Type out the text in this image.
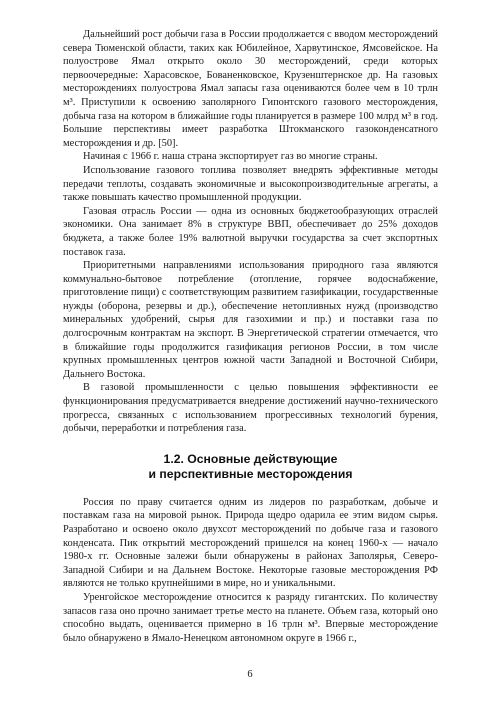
Дальнейший рост добычи газа в России продолжается с вводом месторождений севера Тюменской области, таких как Юбилейное, Харвутинское, Ямсовейское. На полуострове Ямал открыто около 30 месторождений, среди которых первоочередные: Харасовское, Бованенковское, Крузенштернское др. На газовых месторождениях полуострова Ямал запасы газа оцениваются более чем в 10 трлн м³. Приступили к освоению заполярного Гипонтского газового месторождения, добыча газа на котором в ближайшие годы планируется в размере 100 млрд м³ в год. Большие перспективы имеет разработка Штокманского газоконденсатного месторождения и др. [50].

Начиная с 1966 г. наша страна экспортирует газ во многие страны.

Использование газового топлива позволяет внедрять эффективные методы передачи теплоты, создавать экономичные и высокопроизводительные агрегаты, а также повышать качество промышленной продукции.

Газовая отрасль России — одна из основных бюджетообразующих отраслей экономики. Она занимает 8% в структуре ВВП, обеспечивает до 25% доходов бюджета, а также более 19% валютной выручки государства за счет экспортных поставок газа.

Приоритетными направлениями использования природного газа являются коммунально-бытовое потребление (отопление, горячее водоснабжение, приготовление пищи) с соответствующим развитием газификации, государственные нужды (оборона, резервы и др.), обеспечение нетопливных нужд (производство минеральных удобрений, сырья для газохимии и пр.) и поставки газа по долгосрочным контрактам на экспорт. В Энергетической стратегии отмечается, что в ближайшие годы продолжится газификация регионов России, в том числе крупных промышленных центров южной части Западной и Восточной Сибири, Дальнего Востока.

В газовой промышленности с целью повышения эффективности ее функционирования предусматривается внедрение достижений научно-технического прогресса, связанных с использованием прогрессивных технологий бурения, добычи, переработки и потребления газа.

1.2. Основные действующие
и перспективные месторождения

Россия по праву считается одним из лидеров по разработкам, добыче и поставкам газа на мировой рынок. Природа щедро одарила ее этим видом сырья. Разработано и освоено около двухсот месторождений по добыче газа и газового конденсата. Пик открытий месторождений пришелся на конец 1960-х — начало 1980-х гг. Основные залежи были обнаружены в районах Заполярья, Северо-Западной Сибири и на Дальнем Востоке. Некоторые газовые месторождения РФ являются не только крупнейшими в мире, но и уникальными.

Уренгойское месторождение относится к разряду гигантских. По количеству запасов газа оно прочно занимает третье место на планете. Объем газа, который оно способно выдать, оценивается примерно в 16 трлн м³. Впервые месторождение было обнаружено в Ямало-Ненецком автономном округе в 1966 г.,

6
